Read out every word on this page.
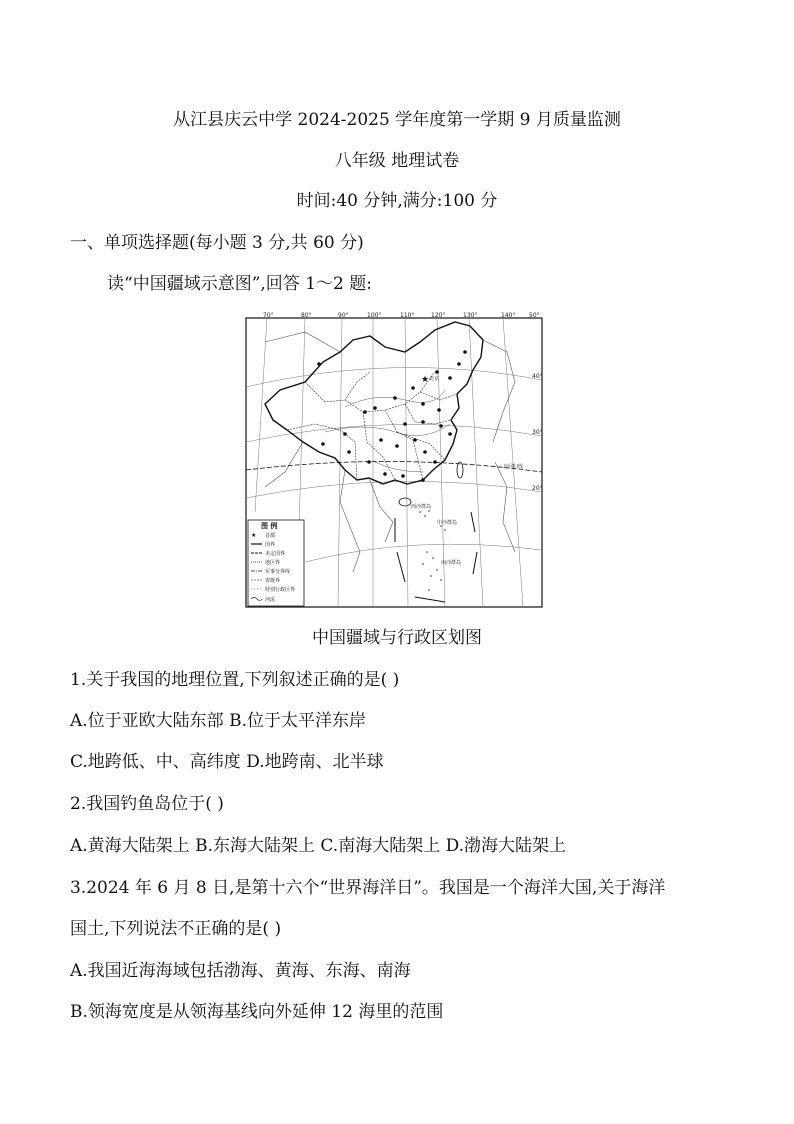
从江县庆云中学 2024-2025 学年度第一学期 9 月质量监测
八年级 地理试卷
时间:40 分钟,满分:100 分
一、单项选择题(每小题 3 分,共 60 分)
读“中国疆域示意图”,回答 1～2 题:
70°	80°	90°	100°	110°	120°	130°	140° 50°
40°
30°
20°
北回归线
★ 北京
西沙群岛
中沙群岛
南沙群岛
图 例
★ 首都
国界
未定国界
地区界
军事分界线
省级界
特别行政区界
河流
中国疆域与行政区划图
1.关于我国的地理位置,下列叙述正确的是( )
A.位于亚欧大陆东部 B.位于太平洋东岸
C.地跨低、中、高纬度 D.地跨南、北半球
2.我国钓鱼岛位于( )
A.黄海大陆架上 B.东海大陆架上 C.南海大陆架上 D.渤海大陆架上
3.2024 年 6 月 8 日,是第十六个“世界海洋日”。我国是一个海洋大国,关于海洋
国土,下列说法不正确的是( )
A.我国近海海域包括渤海、黄海、东海、南海
B.领海宽度是从领海基线向外延伸 12 海里的范围
